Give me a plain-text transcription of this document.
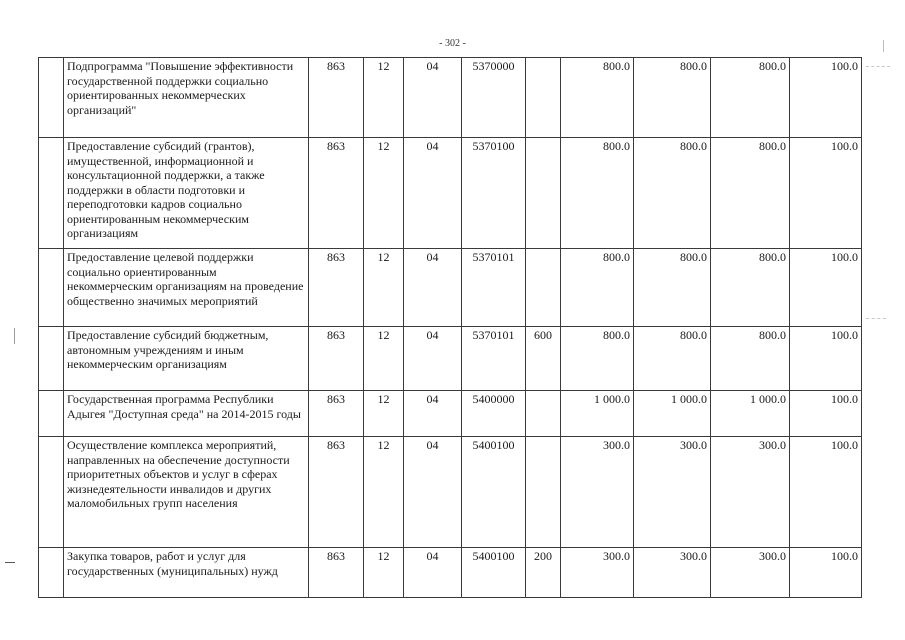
- 302 -
	Подпрограмма "Повышение эффективности государственной поддержки социально ориентированных некоммерческих организаций"	863	12	04	5370000		800.0	800.0	800.0	100.0
	Предоставление субсидий (грантов), имущественной, информационной и консультационной поддержки, а также поддержки в области подготовки и переподготовки кадров социально ориентированным некоммерческим организациям	863	12	04	5370100		800.0	800.0	800.0	100.0
	Предоставление целевой поддержки социально ориентированным некоммерческим организациям на проведение общественно значимых мероприятий	863	12	04	5370101		800.0	800.0	800.0	100.0
	Предоставление субсидий бюджетным, автономным учреждениям и иным некоммерческим организациям	863	12	04	5370101	600	800.0	800.0	800.0	100.0
	Государственная программа Республики Адыгея "Доступная среда" на 2014-2015 годы	863	12	04	5400000		1 000.0	1 000.0	1 000.0	100.0
	Осуществление комплекса мероприятий, направленных на обеспечение доступности приоритетных объектов и услуг в сферах жизнедеятельности инвалидов и других маломобильных групп населения	863	12	04	5400100		300.0	300.0	300.0	100.0
	Закупка товаров, работ и услуг для государственных (муниципальных) нужд	863	12	04	5400100	200	300.0	300.0	300.0	100.0
